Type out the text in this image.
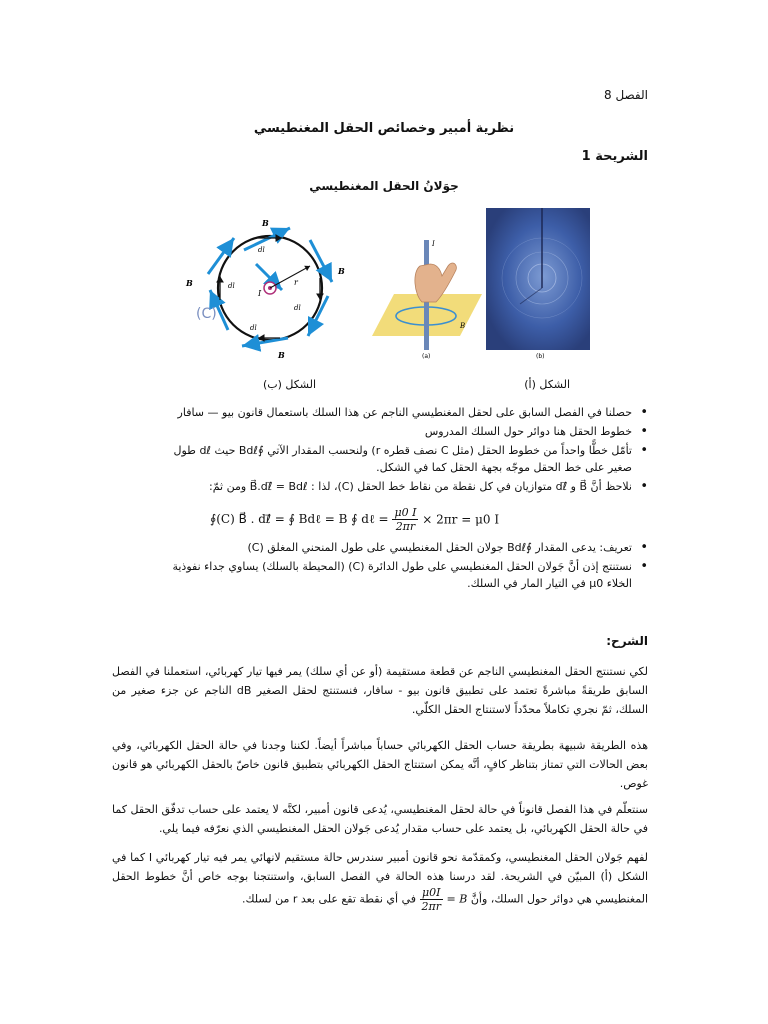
الفصل 8
نظرية أمبير وخصائص الحقل المغنطيسي
الشريحة 1
جوَلانُ الحقل المغنطيسي
r
I
B
B
B
B
dl
dl
dl
dl
(C)
I
B
(a)	(b)
الشكل (ب)	الشكل (أ)
• حصلنا في الفصل السابق على لحقل المغنطيسي الناجم عن هذا السلك باستعمال قانون بيو — سافار
• خطوط الحقل هنا دوائر حول السلك المدروس
• تأمّل خطًّا واحداً من خطوط الحقل (مثل C نصف قطره r) ولنحسب المقدار الآتي ∮Bdℓ حيث dℓ طول صغير على خط الحقل موجّه بجهة الحقل كما في الشكل.
• نلاحظ أنَّ B⃗ و dℓ⃗ متوازيان في كل نقطة من نقاط خط الحقل (C)، لذا : B⃗.dℓ⃗ = Bdℓ ومن ثمّ:
• تعريف: يدعى المقدار ∮Bdℓ جولان الحقل المغنطيسي على طول المنحني المغلق (C)
• نستنتج إذن أنَّ جَولان الحقل المغنطيسي على طول الدائرة (C) (المحيطة بالسلك) يساوي جداء نفوذية الخلاء μ0 في التيار المار في السلك.
∮(C) B⃗ . dℓ⃗ = ∮ Bdℓ = B ∮ dℓ = $\frac{\mu 0 I}{2\pi r} \times 2\pi r = \mu 0$ I
الشرح:
لكي نستنتج الحقل المغنطيسي الناجم عن قطعة مستقيمة (أو عن أي سلك) يمر فيها تيار كهربائي، استعملنا في الفصل السابق طريقةً مباشرةً تعتمد على تطبيق قانون بيو - سافار، فنستنتج لحقل الصغير dB الناجم عن جزء صغير من السلك، ثمّ نجري تكاملاً محدّداً لاستنتاج الحقل الكلّي.
هذه الطريقة شبيهة بطريقة حساب الحقل الكهربائي حساباً مباشراً أيضاً. لكننا وجدنا في حالة الحقل الكهربائي، وفي بعض الحالات التي تمتاز بتناظر كافٍ، أنَّه يمكن استنتاج الحقل الكهربائي بتطبيق قانون خاصّ بالحقل الكهربائي هو قانون غوص.
سنتعلّم في هذا الفصل قانوناً في حالة لحقل المغنطيسي، يُدعى قانون أمبير، لكنَّه لا يعتمد على حساب تدفّق الحقل كما في حالة الحقل الكهربائي، بل يعتمد على حساب مقدار يُدعى جَولان الحقل المغنطيسي الذي نعرّفه فيما يلي.
لفهم جَولان الحقل المغنطيسي، وكمقدّمة نحو قانون أمبير سندرس حالة مستقيم لانهائي يمر فيه تيار كهربائي I كما في الشكل (أ) المبيّن في الشريحة. لقد درسنا هذه الحالة في الفصل السابق، واستنتجنا بوجه خاص أنَّ خطوط الحقل المغنطيسي هي دوائر حول السلك، وأنَّ B =
$\frac{\mu 0I}{2\pi r}$
في أي نقطة تقع على بعد r من لسلك.
